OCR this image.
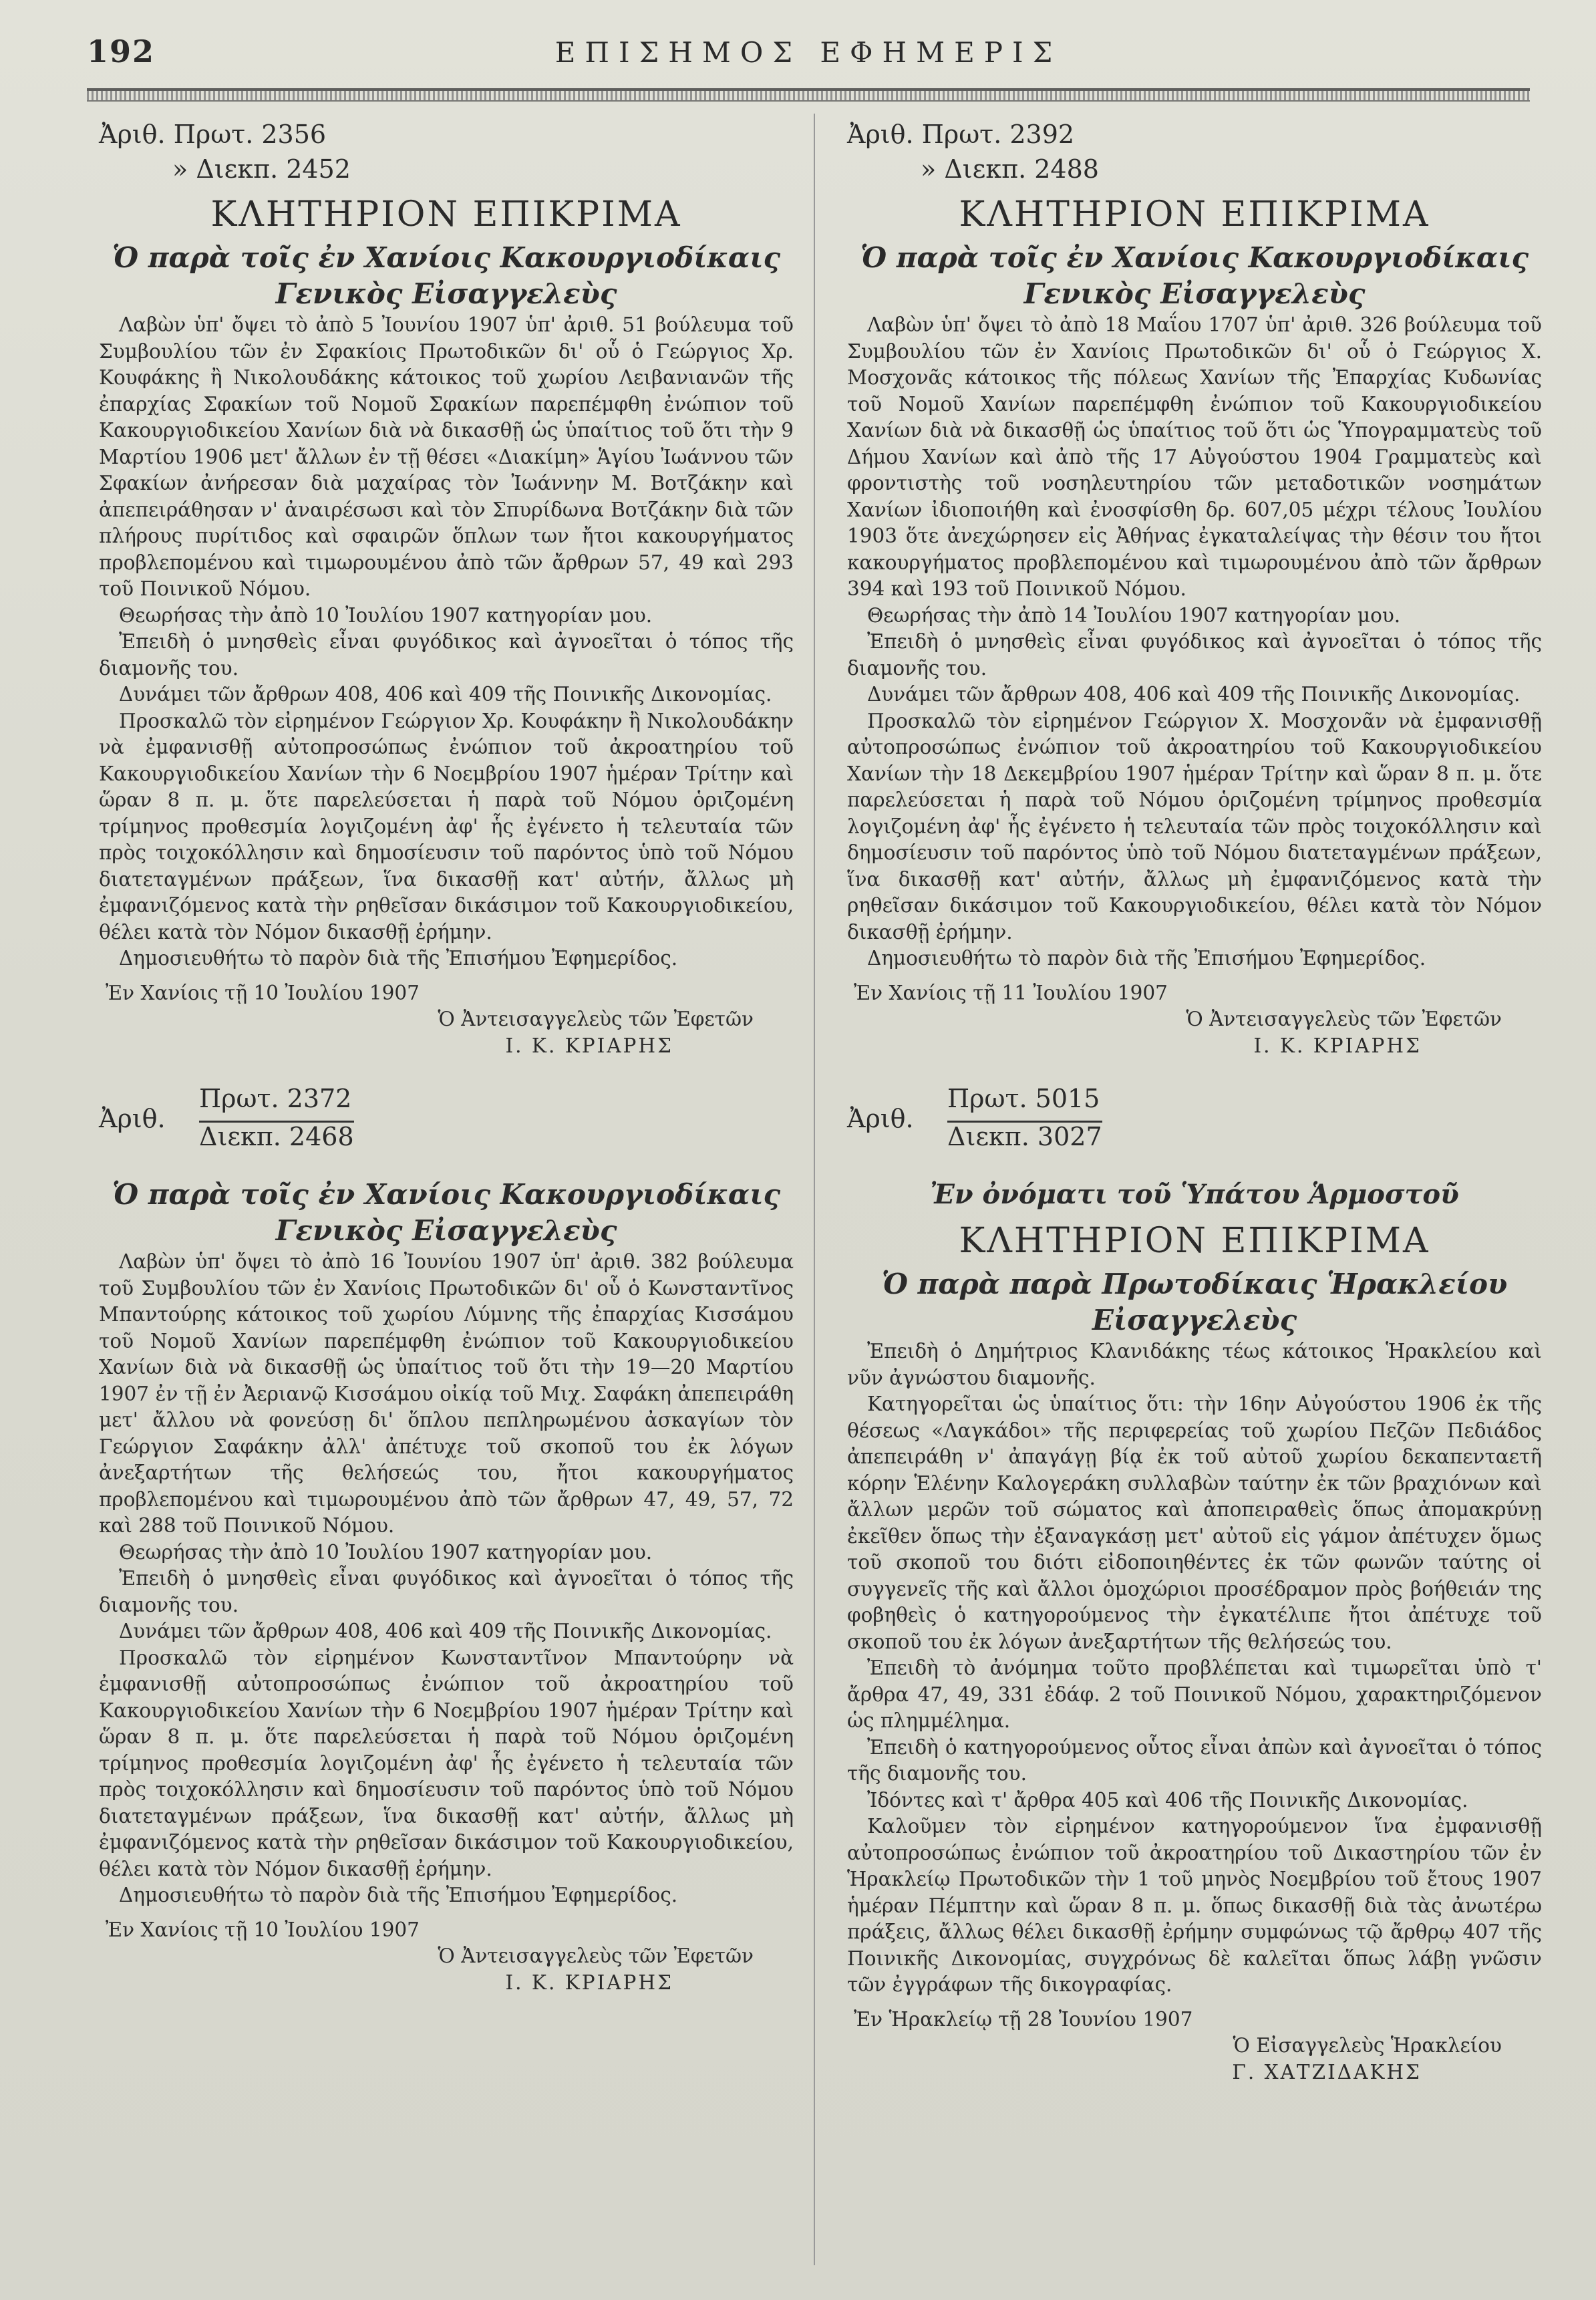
192	ΕΠΙΣΗΜΟΣ ΕΦΗΜΕΡΙΣ
Ἀριθ. Πρωτ. 2356
» Διεκπ. 2452
ΚΛΗΤΗΡΙΟΝ ΕΠΙΚΡΙΜΑ
Ὁ παρὰ τοῖς ἐν Χανίοις Κακουργιοδίκαις
Γενικὸς Εἰσαγγελεὺς

Λαβὼν ὑπ' ὄψει τὸ ἀπὸ 5 Ἰουνίου 1907 ὑπ' ἀριθ. 51 βούλευμα τοῦ Συμβουλίου τῶν ἐν Σφακίοις Πρωτοδικῶν δι' οὗ ὁ Γεώργιος Χρ. Κουφάκης ἢ Νικολουδάκης κάτοικος τοῦ χωρίου Λειβανιανῶν τῆς ἐπαρχίας Σφακίων τοῦ Νομοῦ Σφακίων παρεπέμφθη ἐνώπιον τοῦ Κακουργιοδικείου Χανίων διὰ νὰ δικασθῇ ὡς ὑπαίτιος τοῦ ὅτι τὴν 9 Μαρτίου 1906 μετ' ἄλλων ἐν τῇ θέσει «Διακίμη» Ἁγίου Ἰωάννου τῶν Σφακίων ἀνήρεσαν διὰ μαχαίρας τὸν Ἰωάννην Μ. Βοτζάκην καὶ ἀπεπειράθησαν ν' ἀναιρέσωσι καὶ τὸν Σπυρίδωνα Βοτζάκην διὰ τῶν πλήρους πυρίτιδος καὶ σφαιρῶν ὅπλων των ἤτοι κακουργήματος προβλεπομένου καὶ τιμωρουμένου ἀπὸ τῶν ἄρθρων 57, 49 καὶ 293 τοῦ Ποινικοῦ Νόμου.

Θεωρήσας τὴν ἀπὸ 10 Ἰουλίου 1907 κατηγορίαν μου.

Ἐπειδὴ ὁ μνησθεὶς εἶναι φυγόδικος καὶ ἀγνοεῖται ὁ τόπος τῆς διαμονῆς του.

Δυνάμει τῶν ἄρθρων 408, 406 καὶ 409 τῆς Ποινικῆς Δικονομίας.

Προσκαλῶ τὸν εἰρημένον Γεώργιον Χρ. Κουφάκην ἢ Νικολουδάκην νὰ ἐμφανισθῇ αὐτοπροσώπως ἐνώπιον τοῦ ἀκροατηρίου τοῦ Κακουργιοδικείου Χανίων τὴν 6 Νοεμβρίου 1907 ἡμέραν Τρίτην καὶ ὥραν 8 π. μ. ὅτε παρελεύσεται ἡ παρὰ τοῦ Νόμου ὁριζομένη τρίμηνος προθεσμία λογιζομένη ἀφ' ἧς ἐγένετο ἡ τελευταία τῶν πρὸς τοιχοκόλλησιν καὶ δημοσίευσιν τοῦ παρόντος ὑπὸ τοῦ Νόμου διατεταγμένων πράξεων, ἵνα δικασθῇ κατ' αὐτήν, ἄλλως μὴ ἐμφανιζόμενος κατὰ τὴν ρηθεῖσαν δικάσιμον τοῦ Κακουργιοδικείου, θέλει κατὰ τὸν Νόμον δικασθῇ ἐρήμην.

Δημοσιευθήτω τὸ παρὸν διὰ τῆς Ἐπισήμου Ἐφημερίδος.

Ἐν Χανίοις τῇ 10 Ἰουλίου 1907
Ὁ Ἀντεισαγγελεὺς τῶν Ἐφετῶν
Ι. Κ. ΚΡΙΑΡΗΣ
Ἀριθ.
Πρωτ. 2372
Διεκπ. 2468
Ὁ παρὰ τοῖς ἐν Χανίοις Κακουργιοδίκαις
Γενικὸς Εἰσαγγελεὺς

Λαβὼν ὑπ' ὄψει τὸ ἀπὸ 16 Ἰουνίου 1907 ὑπ' ἀριθ. 382 βούλευμα τοῦ Συμβουλίου τῶν ἐν Χανίοις Πρωτοδικῶν δι' οὗ ὁ Κωνσταντῖνος Μπαντούρης κάτοικος τοῦ χωρίου Λύμνης τῆς ἐπαρχίας Κισσάμου τοῦ Νομοῦ Χανίων παρεπέμφθη ἐνώπιον τοῦ Κακουργιοδικείου Χανίων διὰ νὰ δικασθῇ ὡς ὑπαίτιος τοῦ ὅτι τὴν 19—20 Μαρτίου 1907 ἐν τῇ ἐν Ἀεριανῷ Κισσάμου οἰκίᾳ τοῦ Μιχ. Σαφάκη ἀπεπειράθη μετ' ἄλλου νὰ φονεύσῃ δι' ὅπλου πεπληρωμένου ἀσκαγίων τὸν Γεώργιον Σαφάκην ἀλλ' ἀπέτυχε τοῦ σκοποῦ του ἐκ λόγων ἀνεξαρτήτων τῆς θελήσεώς του, ἤτοι κακουργήματος προβλεπομένου καὶ τιμωρουμένου ἀπὸ τῶν ἄρθρων 47, 49, 57, 72 καὶ 288 τοῦ Ποινικοῦ Νόμου.

Θεωρήσας τὴν ἀπὸ 10 Ἰουλίου 1907 κατηγορίαν μου.

Ἐπειδὴ ὁ μνησθεὶς εἶναι φυγόδικος καὶ ἀγνοεῖται ὁ τόπος τῆς διαμονῆς του.

Δυνάμει τῶν ἄρθρων 408, 406 καὶ 409 τῆς Ποινικῆς Δικονομίας.

Προσκαλῶ τὸν εἰρημένον Κωνσταντῖνον Μπαντούρην νὰ ἐμφανισθῇ αὐτοπροσώπως ἐνώπιον τοῦ ἀκροατηρίου τοῦ Κακουργιοδικείου Χανίων τὴν 6 Νοεμβρίου 1907 ἡμέραν Τρίτην καὶ ὥραν 8 π. μ. ὅτε παρελεύσεται ἡ παρὰ τοῦ Νόμου ὁριζομένη τρίμηνος προθεσμία λογιζομένη ἀφ' ἧς ἐγένετο ἡ τελευταία τῶν πρὸς τοιχοκόλλησιν καὶ δημοσίευσιν τοῦ παρόντος ὑπὸ τοῦ Νόμου διατεταγμένων πράξεων, ἵνα δικασθῇ κατ' αὐτήν, ἄλλως μὴ ἐμφανιζόμενος κατὰ τὴν ρηθεῖσαν δικάσιμον τοῦ Κακουργιοδικείου, θέλει κατὰ τὸν Νόμον δικασθῇ ἐρήμην.

Δημοσιευθήτω τὸ παρὸν διὰ τῆς Ἐπισήμου Ἐφημερίδος.

Ἐν Χανίοις τῇ 10 Ἰουλίου 1907
Ὁ Ἀντεισαγγελεὺς τῶν Ἐφετῶν
Ι. Κ. ΚΡΙΑΡΗΣ
Ἀριθ. Πρωτ. 2392
» Διεκπ. 2488
ΚΛΗΤΗΡΙΟΝ ΕΠΙΚΡΙΜΑ
Ὁ παρὰ τοῖς ἐν Χανίοις Κακουργιοδίκαις
Γενικὸς Εἰσαγγελεὺς

Λαβὼν ὑπ' ὄψει τὸ ἀπὸ 18 Μαΐου 1707 ὑπ' ἀριθ. 326 βούλευμα τοῦ Συμβουλίου τῶν ἐν Χανίοις Πρωτοδικῶν δι' οὗ ὁ Γεώργιος Χ. Μοσχονᾶς κάτοικος τῆς πόλεως Χανίων τῆς Ἐπαρχίας Κυδωνίας τοῦ Νομοῦ Χανίων παρεπέμφθη ἐνώπιον τοῦ Κακουργιοδικείου Χανίων διὰ νὰ δικασθῇ ὡς ὑπαίτιος τοῦ ὅτι ὡς Ὑπογραμματεὺς τοῦ Δήμου Χανίων καὶ ἀπὸ τῆς 17 Αὐγούστου 1904 Γραμματεὺς καὶ φροντιστὴς τοῦ νοσηλευτηρίου τῶν μεταδοτικῶν νοσημάτων Χανίων ἰδιοποιήθη καὶ ἐνοσφίσθη δρ. 607,05 μέχρι τέλους Ἰουλίου 1903 ὅτε ἀνεχώρησεν εἰς Ἀθήνας ἐγκαταλείψας τὴν θέσιν του ἤτοι κακουργήματος προβλεπομένου καὶ τιμωρουμένου ἀπὸ τῶν ἄρθρων 394 καὶ 193 τοῦ Ποινικοῦ Νόμου.

Θεωρήσας τὴν ἀπὸ 14 Ἰουλίου 1907 κατηγορίαν μου.

Ἐπειδὴ ὁ μνησθεὶς εἶναι φυγόδικος καὶ ἀγνοεῖται ὁ τόπος τῆς διαμονῆς του.

Δυνάμει τῶν ἄρθρων 408, 406 καὶ 409 τῆς Ποινικῆς Δικονομίας.

Προσκαλῶ τὸν εἰρημένον Γεώργιον Χ. Μοσχονᾶν νὰ ἐμφανισθῇ αὐτοπροσώπως ἐνώπιον τοῦ ἀκροατηρίου τοῦ Κακουργιοδικείου Χανίων τὴν 18 Δεκεμβρίου 1907 ἡμέραν Τρίτην καὶ ὥραν 8 π. μ. ὅτε παρελεύσεται ἡ παρὰ τοῦ Νόμου ὁριζομένη τρίμηνος προθεσμία λογιζομένη ἀφ' ἧς ἐγένετο ἡ τελευταία τῶν πρὸς τοιχοκόλλησιν καὶ δημοσίευσιν τοῦ παρόντος ὑπὸ τοῦ Νόμου διατεταγμένων πράξεων, ἵνα δικασθῇ κατ' αὐτήν, ἄλλως μὴ ἐμφανιζόμενος κατὰ τὴν ρηθεῖσαν δικάσιμον τοῦ Κακουργιοδικείου, θέλει κατὰ τὸν Νόμον δικασθῇ ἐρήμην.

Δημοσιευθήτω τὸ παρὸν διὰ τῆς Ἐπισήμου Ἐφημερίδος.

Ἐν Χανίοις τῇ 11 Ἰουλίου 1907
Ὁ Ἀντεισαγγελεὺς τῶν Ἐφετῶν
Ι. Κ. ΚΡΙΑΡΗΣ
Ἀριθ.
Πρωτ. 5015
Διεκπ. 3027
Ἐν ὀνόματι τοῦ Ὑπάτου Ἁρμοστοῦ
ΚΛΗΤΗΡΙΟΝ ΕΠΙΚΡΙΜΑ
Ὁ παρὰ παρὰ Πρωτοδίκαις Ἡρακλείου
Εἰσαγγελεὺς

Ἐπειδὴ ὁ Δημήτριος Κλανιδάκης τέως κάτοικος Ἡρακλείου καὶ νῦν ἀγνώστου διαμονῆς.

Κατηγορεῖται ὡς ὑπαίτιος ὅτι: τὴν 16ην Αὐγούστου 1906 ἐκ τῆς θέσεως «Λαγκάδοι» τῆς περιφερείας τοῦ χωρίου Πεζῶν Πεδιάδος ἀπεπειράθη ν' ἀπαγάγῃ βίᾳ ἐκ τοῦ αὐτοῦ χωρίου δεκαπενταετῆ κόρην Ἑλένην Καλογεράκη συλλαβὼν ταύτην ἐκ τῶν βραχιόνων καὶ ἄλλων μερῶν τοῦ σώματος καὶ ἀποπειραθεὶς ὅπως ἀπομακρύνῃ ἐκεῖθεν ὅπως τὴν ἐξαναγκάσῃ μετ' αὐτοῦ εἰς γάμον ἀπέτυχεν ὅμως τοῦ σκοποῦ του διότι εἰδοποιηθέντες ἐκ τῶν φωνῶν ταύτης οἱ συγγενεῖς τῆς καὶ ἄλλοι ὁμοχώριοι προσέδραμον πρὸς βοήθειάν της φοβηθεὶς ὁ κατηγορούμενος τὴν ἐγκατέλιπε ἤτοι ἀπέτυχε τοῦ σκοποῦ του ἐκ λόγων ἀνεξαρτήτων τῆς θελήσεώς του.

Ἐπειδὴ τὸ ἀνόμημα τοῦτο προβλέπεται καὶ τιμωρεῖται ὑπὸ τ' ἄρθρα 47, 49, 331 ἐδάφ. 2 τοῦ Ποινικοῦ Νόμου, χαρακτηριζόμενον ὡς πλημμέλημα.

Ἐπειδὴ ὁ κατηγορούμενος οὗτος εἶναι ἀπὼν καὶ ἀγνοεῖται ὁ τόπος τῆς διαμονῆς του.

Ἰδόντες καὶ τ' ἄρθρα 405 καὶ 406 τῆς Ποινικῆς Δικονομίας.

Καλοῦμεν τὸν εἰρημένον κατηγορούμενον ἵνα ἐμφανισθῇ αὐτοπροσώπως ἐνώπιον τοῦ ἀκροατηρίου τοῦ Δικαστηρίου τῶν ἐν Ἡρακλείῳ Πρωτοδικῶν τὴν 1 τοῦ μηνὸς Νοεμβρίου τοῦ ἔτους 1907 ἡμέραν Πέμπτην καὶ ὥραν 8 π. μ. ὅπως δικασθῇ διὰ τὰς ἀνωτέρω πράξεις, ἄλλως θέλει δικασθῇ ἐρήμην συμφώνως τῷ ἄρθρῳ 407 τῆς Ποινικῆς Δικονομίας, συγχρόνως δὲ καλεῖται ὅπως λάβῃ γνῶσιν τῶν ἐγγράφων τῆς δικογραφίας.

Ἐν Ἡρακλείῳ τῇ 28 Ἰουνίου 1907
Ὁ Εἰσαγγελεὺς Ἡρακλείου
Γ. ΧΑΤΖΙΔΑΚΗΣ
